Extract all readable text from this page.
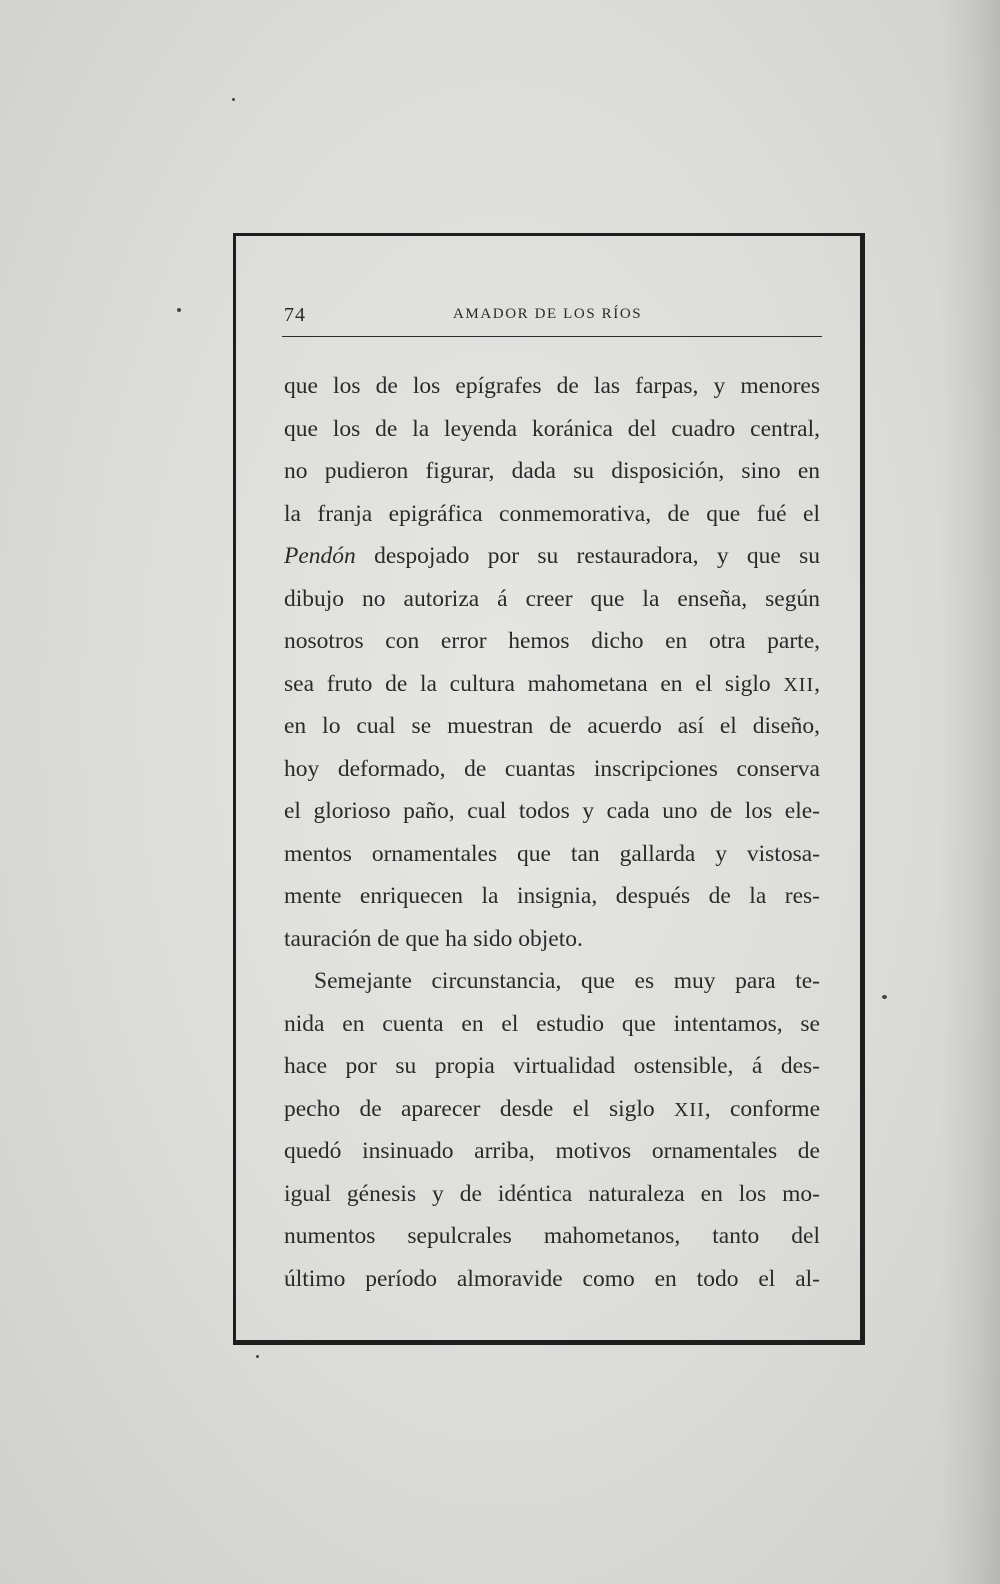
74	AMADOR DE LOS RÍOS
que los de los epígrafes de las farpas, y menores
que los de la leyenda koránica del cuadro central,
no pudieron figurar, dada su disposición, sino en
la franja epigráfica conmemorativa, de que fué el
Pendón despojado por su restauradora, y que su
dibujo no autoriza á creer que la enseña, según
nosotros con error hemos dicho en otra parte,
sea fruto de la cultura mahometana en el siglo XII,
en lo cual se muestran de acuerdo así el diseño,
hoy deformado, de cuantas inscripciones conserva
el glorioso paño, cual todos y cada uno de los ele-
mentos ornamentales que tan gallarda y vistosa-
mente enriquecen la insignia, después de la res-
tauración de que ha sido objeto.
Semejante circunstancia, que es muy para te-
nida en cuenta en el estudio que intentamos, se
hace por su propia virtualidad ostensible, á des-
pecho de aparecer desde el siglo XII, conforme
quedó insinuado arriba, motivos ornamentales de
igual génesis y de idéntica naturaleza en los mo-
numentos sepulcrales mahometanos, tanto del
último período almoravide como en todo el al-
